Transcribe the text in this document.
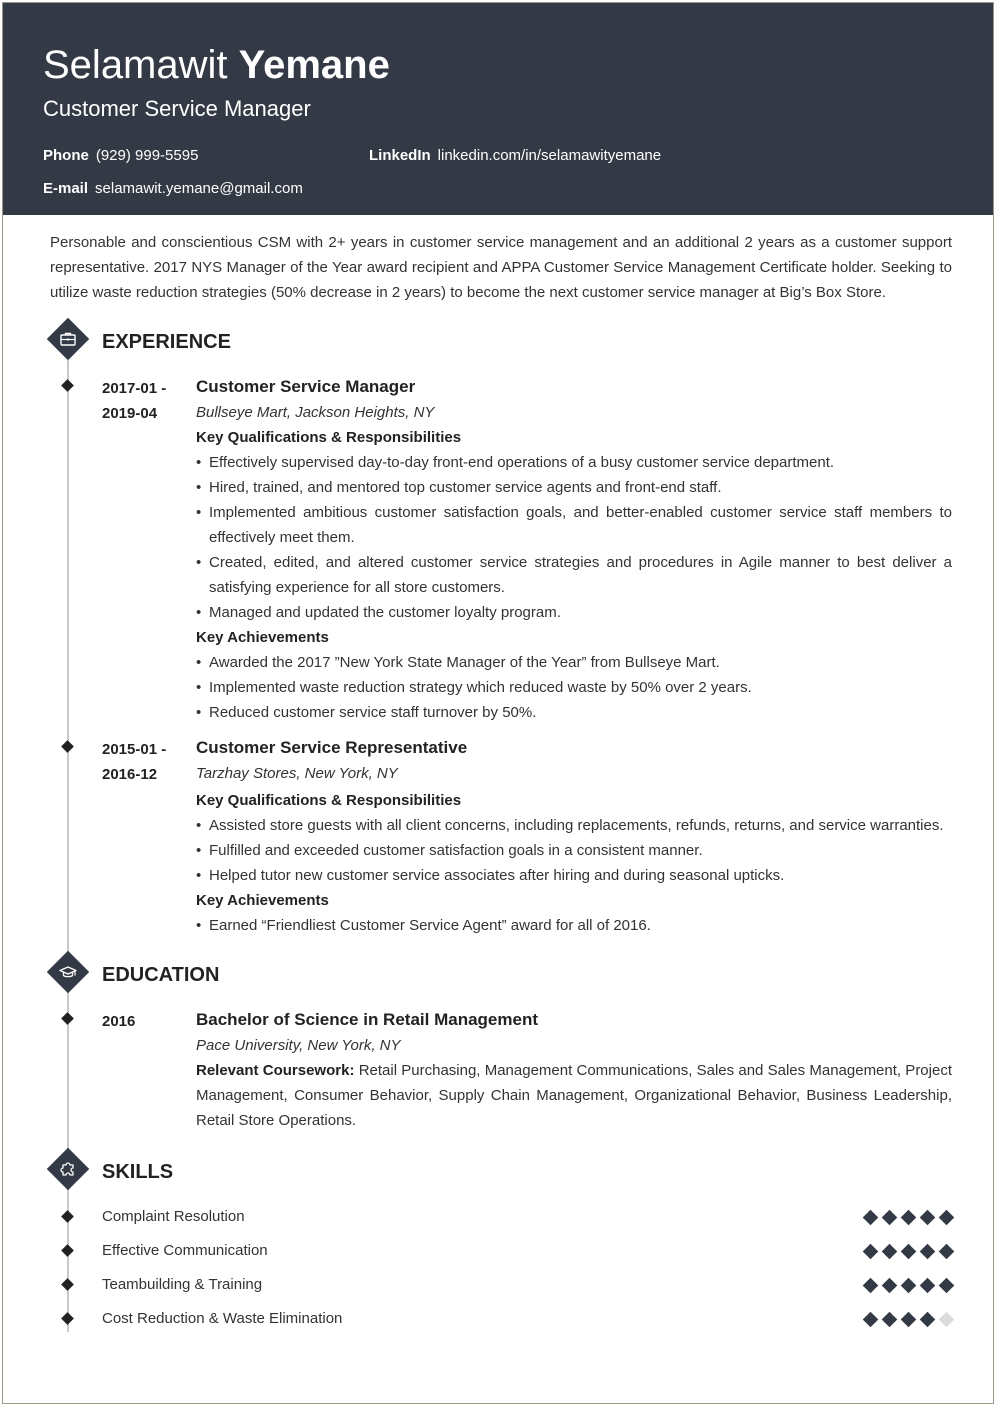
Selamawit Yemane
Customer Service Manager
Phone (929) 999-5595	LinkedIn linkedin.com/in/selamawityemane
E-mail selamawit.yemane@gmail.com
Personable and conscientious CSM with 2+ years in customer service management and an additional 2 years as a customer support representative. 2017 NYS Manager of the Year award recipient and APPA Customer Service Management Certificate holder. Seeking to utilize waste reduction strategies (50% decrease in 2 years) to become the next customer service manager at Big’s Box Store.
EXPERIENCE
2017-01 -
2019-04
Customer Service Manager
Bullseye Mart, Jackson Heights, NY
Key Qualifications & Responsibilities
• Effectively supervised day-to-day front-end operations of a busy customer service department.
• Hired, trained, and mentored top customer service agents and front-end staff.
• Implemented ambitious customer satisfaction goals, and better-enabled customer service staff members to effectively meet them.
• Created, edited, and altered customer service strategies and procedures in Agile manner to best deliver a satisfying experience for all store customers.
• Managed and updated the customer loyalty program.
Key Achievements
• Awarded the 2017 ”New York State Manager of the Year” from Bullseye Mart.
• Implemented waste reduction strategy which reduced waste by 50% over 2 years.
• Reduced customer service staff turnover by 50%.
2015-01 -
2016-12
Customer Service Representative
Tarzhay Stores, New York, NY
Key Qualifications & Responsibilities
• Assisted store guests with all client concerns, including replacements, refunds, returns, and service warranties.
• Fulfilled and exceeded customer satisfaction goals in a consistent manner.
• Helped tutor new customer service associates after hiring and during seasonal upticks.
Key Achievements
• Earned “Friendliest Customer Service Agent” award for all of 2016.
EDUCATION
2016	Bachelor of Science in Retail Management
Pace University, New York, NY
Relevant Coursework: Retail Purchasing, Management Communications, Sales and Sales Management, Project Management, Consumer Behavior, Supply Chain Management, Organizational Behavior, Business Leadership, Retail Store Operations.
SKILLS
Complaint Resolution
Effective Communication
Teambuilding & Training
Cost Reduction & Waste Elimination
